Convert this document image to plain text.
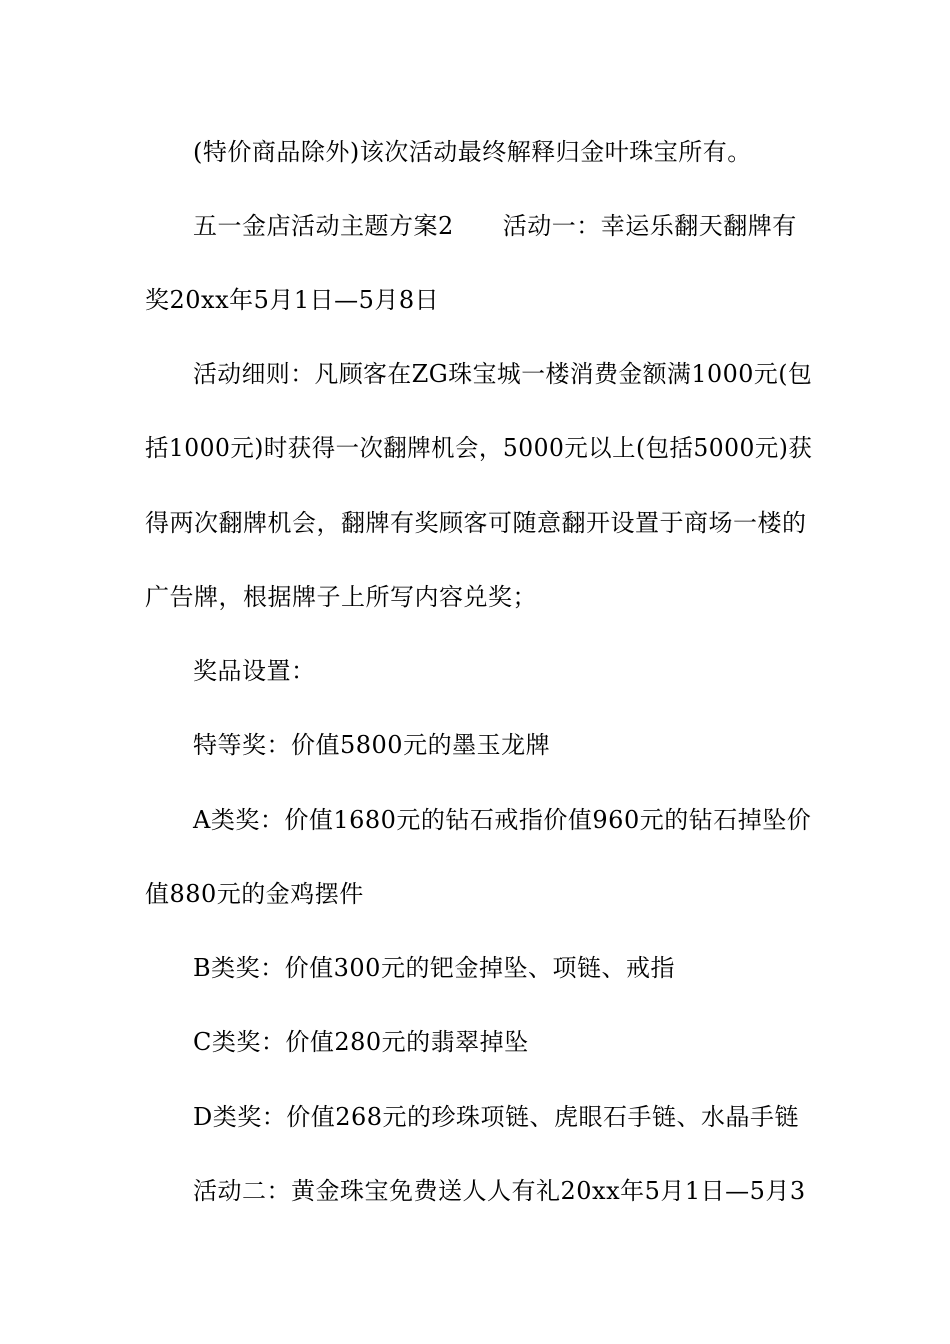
(特价商品除外)该次活动最终解释归金叶珠宝所有。
五一金店活动主题方案2　　活动一：幸运乐翻天翻牌有
奖20xx年5月1日—5月8日
活动细则：凡顾客在ZG珠宝城一楼消费金额满1000元(包
括1000元)时获得一次翻牌机会，5000元以上(包括5000元)获
得两次翻牌机会，翻牌有奖顾客可随意翻开设置于商场一楼的
广告牌，根据牌子上所写内容兑奖；
奖品设置：
特等奖：价值5800元的墨玉龙牌
A类奖：价值1680元的钻石戒指价值960元的钻石掉坠价
值880元的金鸡摆件
B类奖：价值300元的钯金掉坠、项链、戒指
C类奖：价值280元的翡翠掉坠
D类奖：价值268元的珍珠项链、虎眼石手链、水晶手链
活动二：黄金珠宝免费送人人有礼20xx年5月1日—5月3
